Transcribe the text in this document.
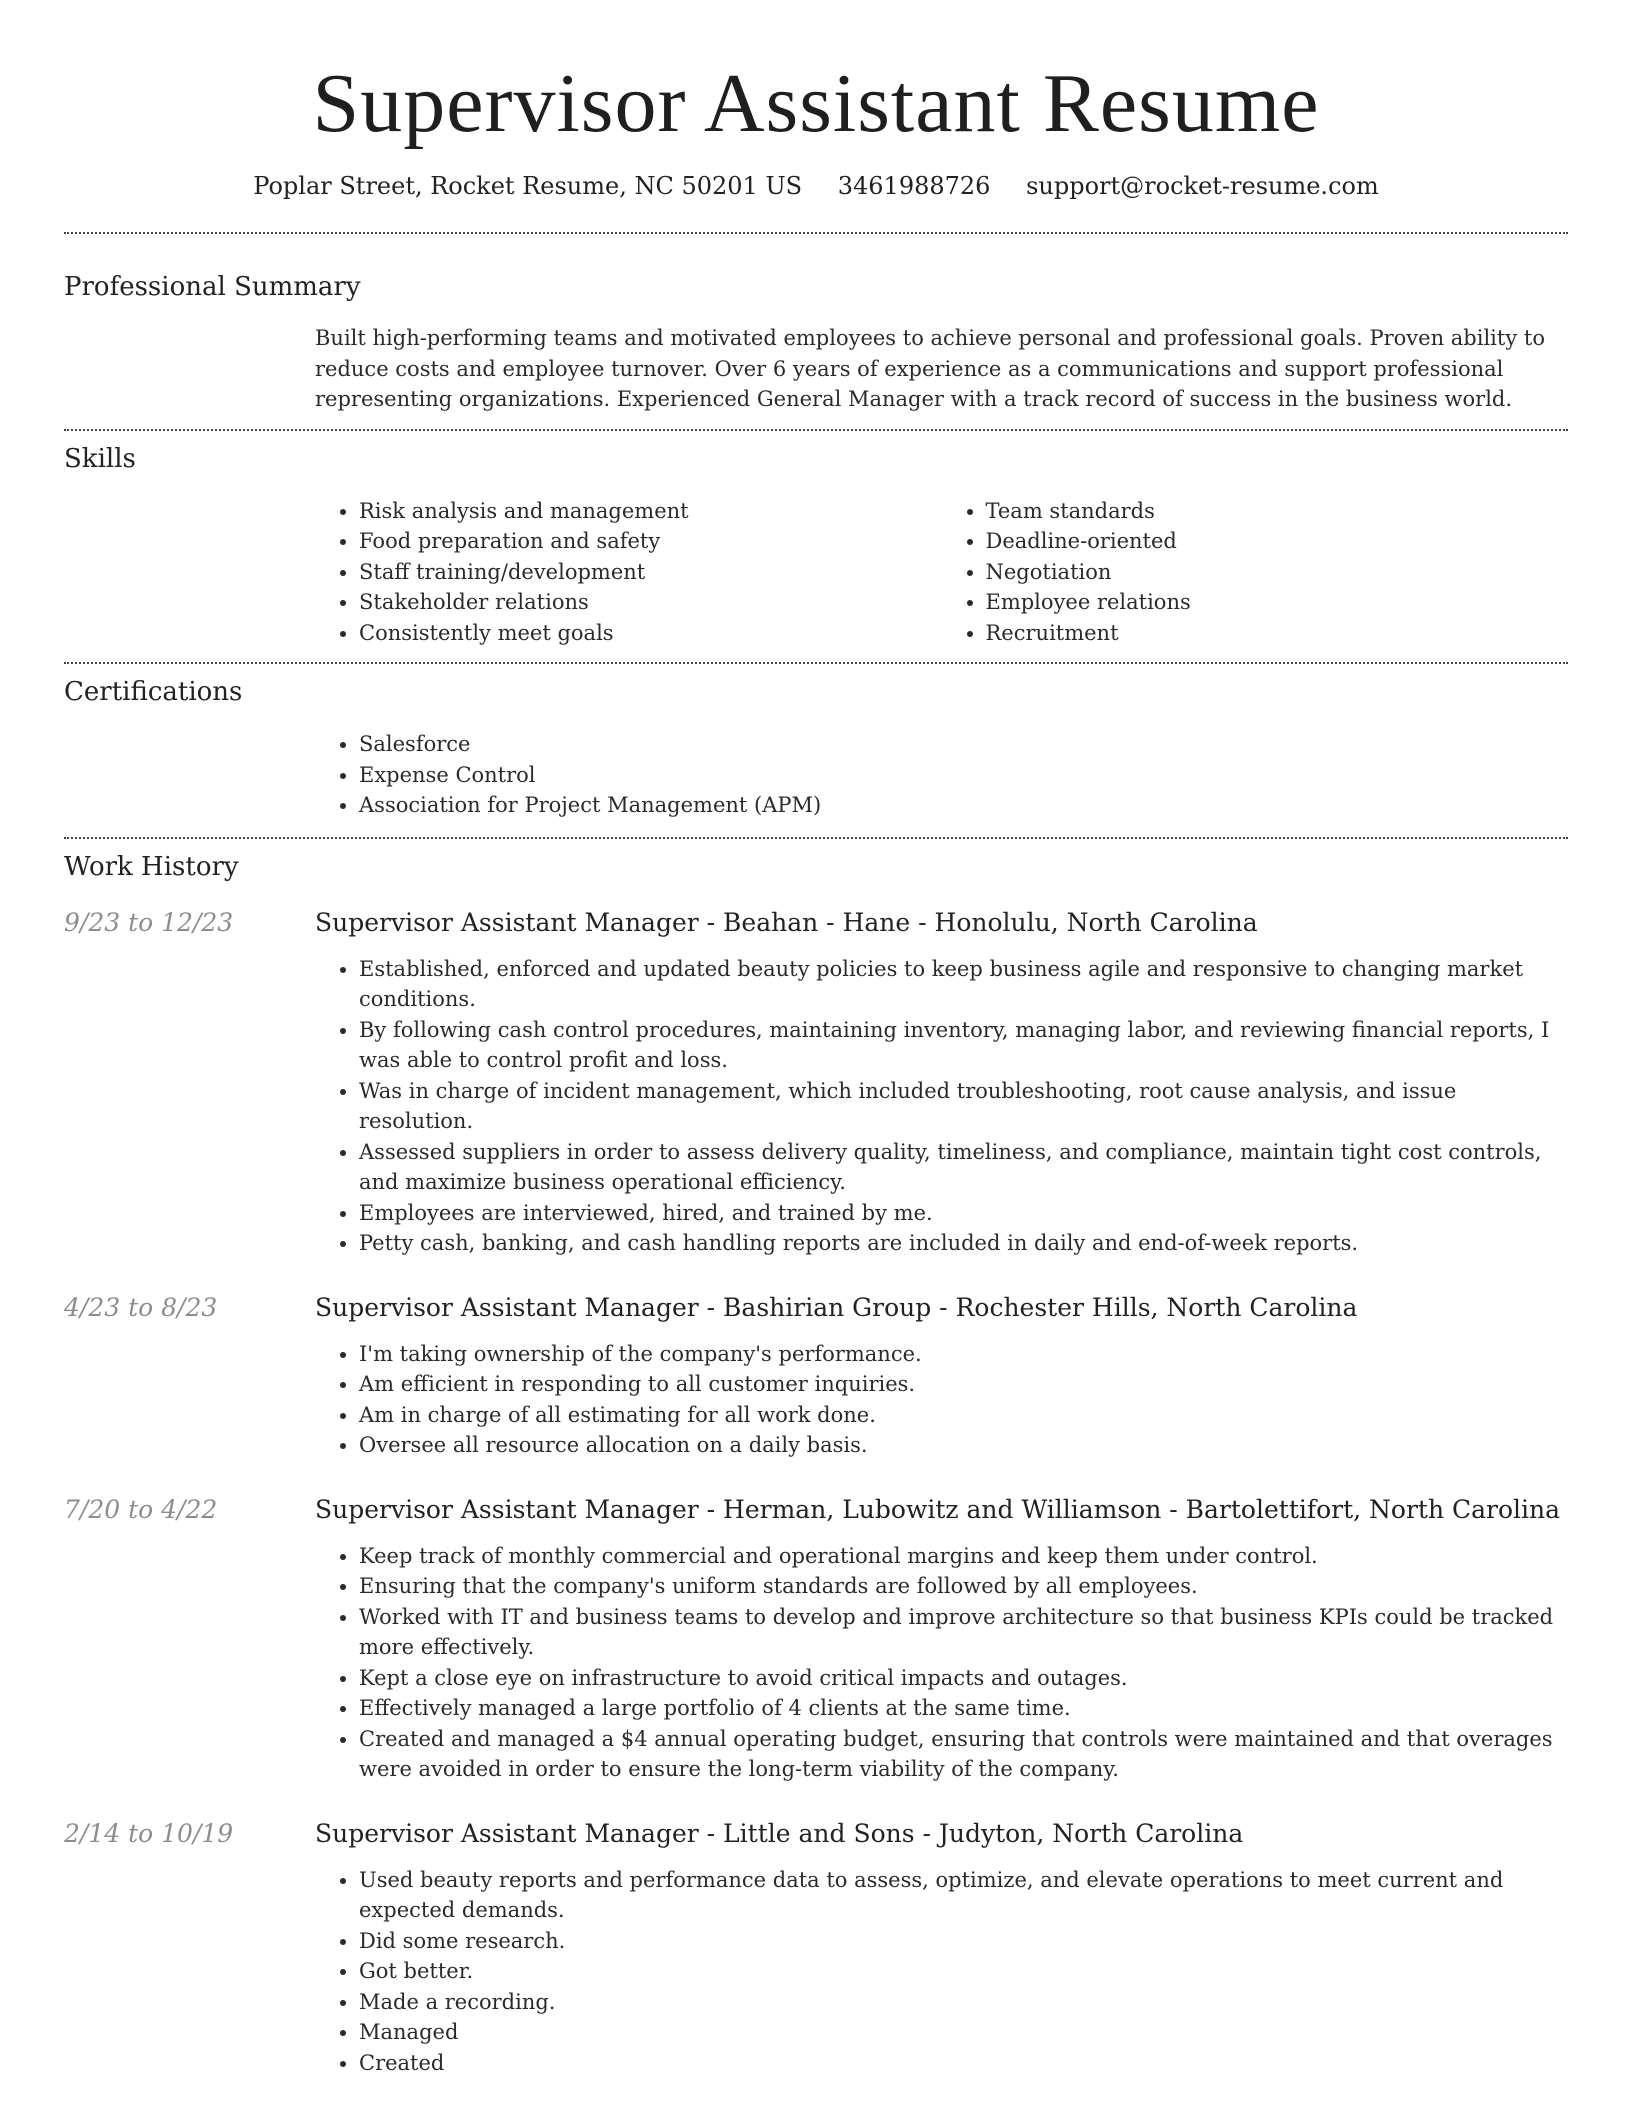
Supervisor Assistant Resume
Poplar Street, Rocket Resume, NC 50201 US 3461988726 support@rocket-resume.com
Professional Summary

Built high-performing teams and motivated employees to achieve personal and professional goals. Proven ability to reduce costs and employee turnover. Over 6 years of experience as a communications and support professional representing organizations. Experienced General Manager with a track record of success in the business world.

Skills
• Risk analysis and management
• Food preparation and safety
• Staff training/development
• Stakeholder relations
• Consistently meet goals
• Team standards
• Deadline-oriented
• Negotiation
• Employee relations
• Recruitment
Certifications
• Salesforce
• Expense Control
• Association for Project Management (APM)
Work History
9/23 to 12/23	Supervisor Assistant Manager - Beahan - Hane - Honolulu, North Carolina
• Established, enforced and updated beauty policies to keep business agile and responsive to changing market conditions.
• By following cash control procedures, maintaining inventory, managing labor, and reviewing financial reports, I was able to control profit and loss.
• Was in charge of incident management, which included troubleshooting, root cause analysis, and issue resolution.
• Assessed suppliers in order to assess delivery quality, timeliness, and compliance, maintain tight cost controls, and maximize business operational efficiency.
• Employees are interviewed, hired, and trained by me.
• Petty cash, banking, and cash handling reports are included in daily and end-of-week reports.
4/23 to 8/23	Supervisor Assistant Manager - Bashirian Group - Rochester Hills, North Carolina
• I'm taking ownership of the company's performance.
• Am efficient in responding to all customer inquiries.
• Am in charge of all estimating for all work done.
• Oversee all resource allocation on a daily basis.
7/20 to 4/22	Supervisor Assistant Manager - Herman, Lubowitz and Williamson - Bartolettifort, North Carolina
• Keep track of monthly commercial and operational margins and keep them under control.
• Ensuring that the company's uniform standards are followed by all employees.
• Worked with IT and business teams to develop and improve architecture so that business KPIs could be tracked more effectively.
• Kept a close eye on infrastructure to avoid critical impacts and outages.
• Effectively managed a large portfolio of 4 clients at the same time.
• Created and managed a $4 annual operating budget, ensuring that controls were maintained and that overages were avoided in order to ensure the long-term viability of the company.
2/14 to 10/19	Supervisor Assistant Manager - Little and Sons - Judyton, North Carolina
• Used beauty reports and performance data to assess, optimize, and elevate operations to meet current and expected demands.
• Did some research.
• Got better.
• Made a recording.
• Managed
• Created
